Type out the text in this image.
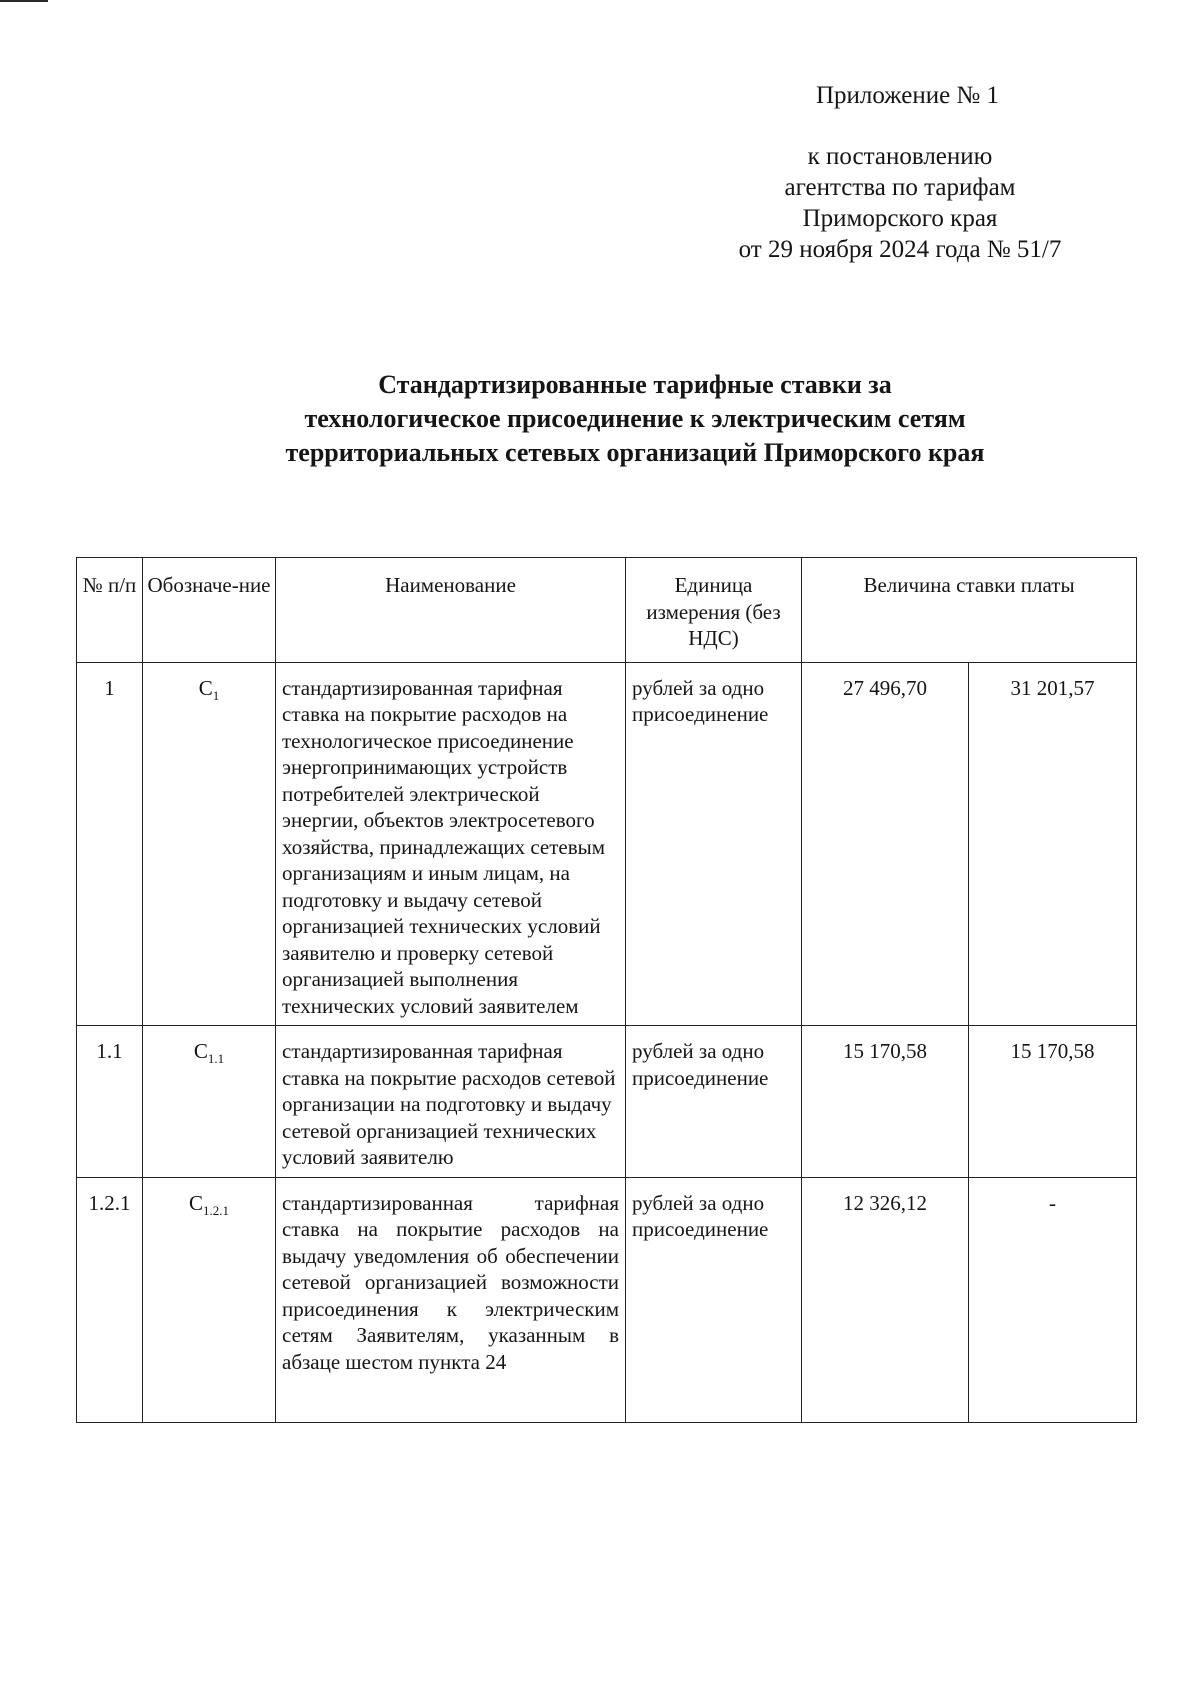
Приложение № 1
к постановлению
агентства по тарифам
Приморского края
от 29 ноября 2024 года № 51/7
Стандартизированные тарифные ставки за
технологическое присоединение к электрическим сетям
территориальных сетевых организаций Приморского края
№ п/п	Обозначе-ние	Наименование	Единица измерения (без НДС)	Величина ставки платы	
1	$C_1$	стандартизированная тарифная ставка на покрытие расходов на технологическое присоединение энергопринимающих устройств потребителей электрической энергии, объектов электросетевого хозяйства, принадлежащих сетевым организациям и иным лицам, на подготовку и выдачу сетевой организацией технических условий заявителю и проверку сетевой организацией выполнения технических условий заявителем	рублей за одно присоединение	27 496,70	31 201,57
1.1	$C_{1.1}$	стандартизированная тарифная ставка на покрытие расходов сетевой организации на подготовку и выдачу сетевой организацией технических условий заявителю	рублей за одно присоединение	15 170,58	15 170,58
1.2.1	$C_{1.2.1}$	стандартизированная тарифная ставка на покрытие расходов на выдачу уведомления об обеспечении сетевой организацией возможности присоединения к электрическим сетям Заявителям, указанным в абзаце шестом пункта 24	рублей за одно присоединение	12 326,12	-
